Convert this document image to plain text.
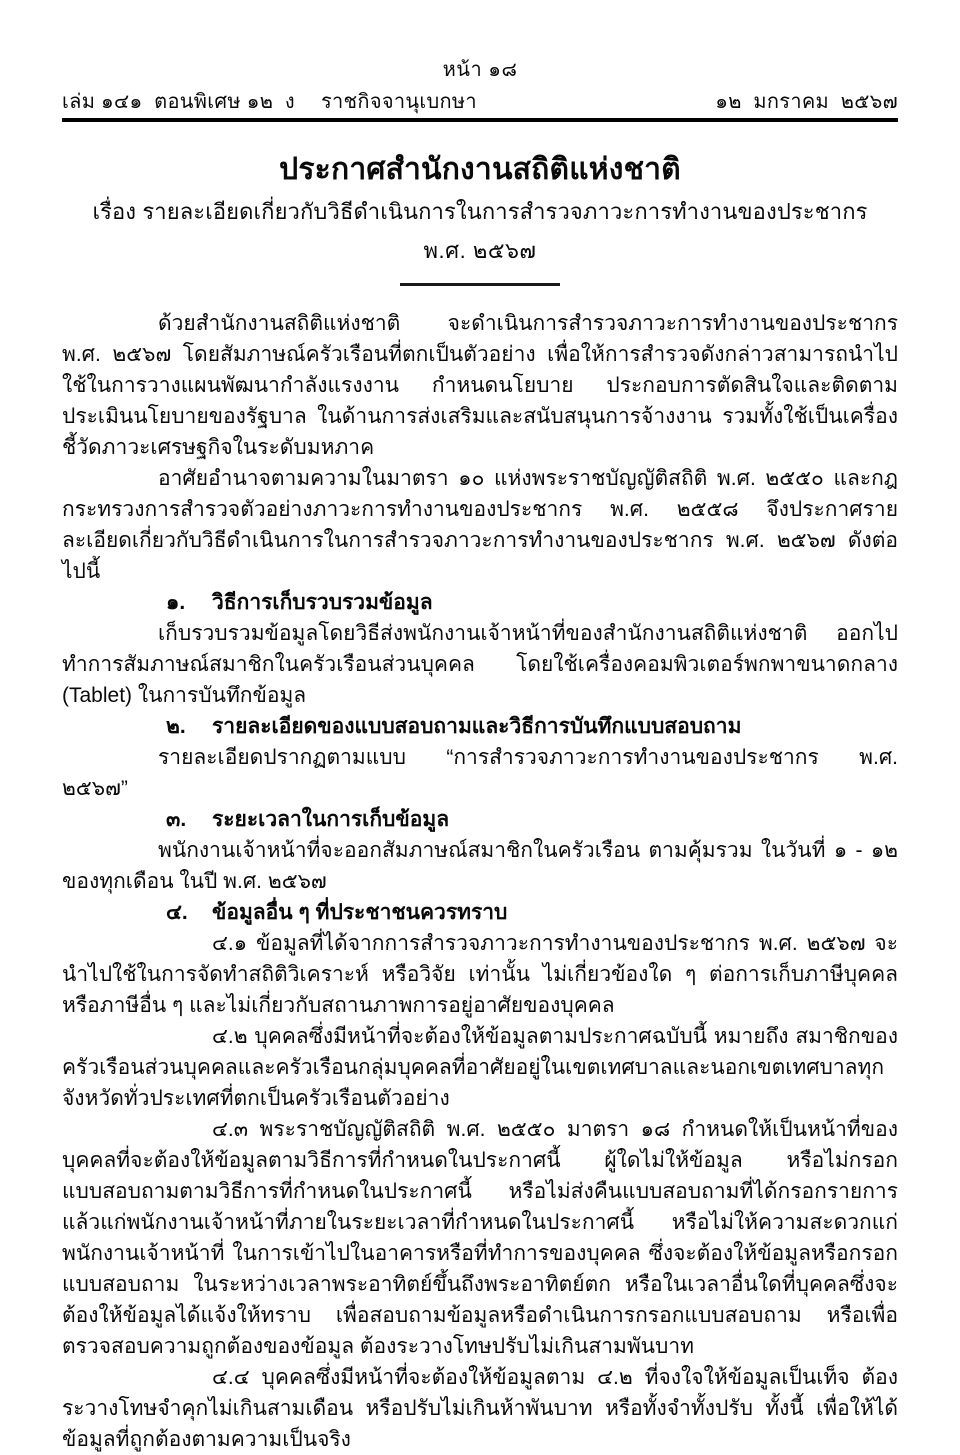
หน้า ๑๘
เล่ม ๑๔๑  ตอนพิเศษ ๑๒  ง	ราชกิจจานุเบกษา	๑๒  มกราคม  ๒๕๖๗
ประกาศสำนักงานสถิติแห่งชาติ
เรื่อง รายละเอียดเกี่ยวกับวิธีดำเนินการในการสำรวจภาวะการทำงานของประชากร
พ.ศ. ๒๕๖๗

ด้วยสำนักงานสถิติแห่งชาติ จะดำเนินการสำรวจภาวะการทำงานของประชากร พ.ศ. ๒๕๖๗ โดยสัมภาษณ์ครัวเรือนที่ตกเป็นตัวอย่าง เพื่อให้การสำรวจดังกล่าวสามารถนำไปใช้ในการวางแผนพัฒนากำลังแรงงาน กำหนดนโยบาย ประกอบการตัดสินใจและติดตามประเมินนโยบายของรัฐบาล ในด้านการส่งเสริมและสนับสนุนการจ้างงาน รวมทั้งใช้เป็นเครื่องชี้วัดภาวะเศรษฐกิจในระดับมหภาค

อาศัยอำนาจตามความในมาตรา ๑๐ แห่งพระราชบัญญัติสถิติ พ.ศ. ๒๕๕๐ และกฎกระทรวงการสำรวจตัวอย่างภาวะการทำงานของประชากร พ.ศ. ๒๕๕๘ จึงประกาศรายละเอียดเกี่ยวกับวิธีดำเนินการในการสำรวจภาวะการทำงานของประชากร พ.ศ. ๒๕๖๗ ดังต่อไปนี้

๑.	วิธีการเก็บรวบรวมข้อมูล

เก็บรวบรวมข้อมูลโดยวิธีส่งพนักงานเจ้าหน้าที่ของสำนักงานสถิติแห่งชาติ ออกไปทำการสัมภาษณ์สมาชิกในครัวเรือนส่วนบุคคล โดยใช้เครื่องคอมพิวเตอร์พกพาขนาดกลาง (Tablet) ในการบันทึกข้อมูล

๒.	รายละเอียดของแบบสอบถามและวิธีการบันทึกแบบสอบถาม

รายละเอียดปรากฏตามแบบ “การสำรวจภาวะการทำงานของประชากร พ.ศ. ๒๕๖๗”

๓.	ระยะเวลาในการเก็บข้อมูล

พนักงานเจ้าหน้าที่จะออกสัมภาษณ์สมาชิกในครัวเรือน ตามคุ้มรวม ในวันที่ ๑ - ๑๒ ของทุกเดือน ในปี พ.ศ. ๒๕๖๗

๔.	ข้อมูลอื่น ๆ ที่ประชาชนควรทราบ

๔.๑ ข้อมูลที่ได้จากการสำรวจภาวะการทำงานของประชากร พ.ศ. ๒๕๖๗ จะนำไปใช้ในการจัดทำสถิติวิเคราะห์ หรือวิจัย เท่านั้น ไม่เกี่ยวข้องใด ๆ ต่อการเก็บภาษีบุคคล หรือภาษีอื่น ๆ และไม่เกี่ยวกับสถานภาพการอยู่อาศัยของบุคคล

๔.๒ บุคคลซึ่งมีหน้าที่จะต้องให้ข้อมูลตามประกาศฉบับนี้ หมายถึง สมาชิกของครัวเรือนส่วนบุคคลและครัวเรือนกลุ่มบุคคลที่อาศัยอยู่ในเขตเทศบาลและนอกเขตเทศบาลทุกจังหวัดทั่วประเทศที่ตกเป็นครัวเรือนตัวอย่าง

๔.๓ พระราชบัญญัติสถิติ พ.ศ. ๒๕๕๐ มาตรา ๑๘ กำหนดให้เป็นหน้าที่ของบุคคลที่จะต้องให้ข้อมูลตามวิธีการที่กำหนดในประกาศนี้ ผู้ใดไม่ให้ข้อมูล หรือไม่กรอกแบบสอบถามตามวิธีการที่กำหนดในประกาศนี้ หรือไม่ส่งคืนแบบสอบถามที่ได้กรอกรายการแล้วแก่พนักงานเจ้าหน้าที่ภายในระยะเวลาที่กำหนดในประกาศนี้ หรือไม่ให้ความสะดวกแก่พนักงานเจ้าหน้าที่ ในการเข้าไปในอาคารหรือที่ทำการของบุคคล ซึ่งจะต้องให้ข้อมูลหรือกรอกแบบสอบถาม ในระหว่างเวลาพระอาทิตย์ขึ้นถึงพระอาทิตย์ตก หรือในเวลาอื่นใดที่บุคคลซึ่งจะต้องให้ข้อมูลได้แจ้งให้ทราบ เพื่อสอบถามข้อมูลหรือดำเนินการกรอกแบบสอบถาม หรือเพื่อตรวจสอบความถูกต้องของข้อมูล ต้องระวางโทษปรับไม่เกินสามพันบาท

๔.๔ บุคคลซึ่งมีหน้าที่จะต้องให้ข้อมูลตาม ๔.๒ ที่จงใจให้ข้อมูลเป็นเท็จ ต้องระวางโทษจำคุกไม่เกินสามเดือน หรือปรับไม่เกินห้าพันบาท หรือทั้งจำทั้งปรับ ทั้งนี้ เพื่อให้ได้ข้อมูลที่ถูกต้องตามความเป็นจริง
